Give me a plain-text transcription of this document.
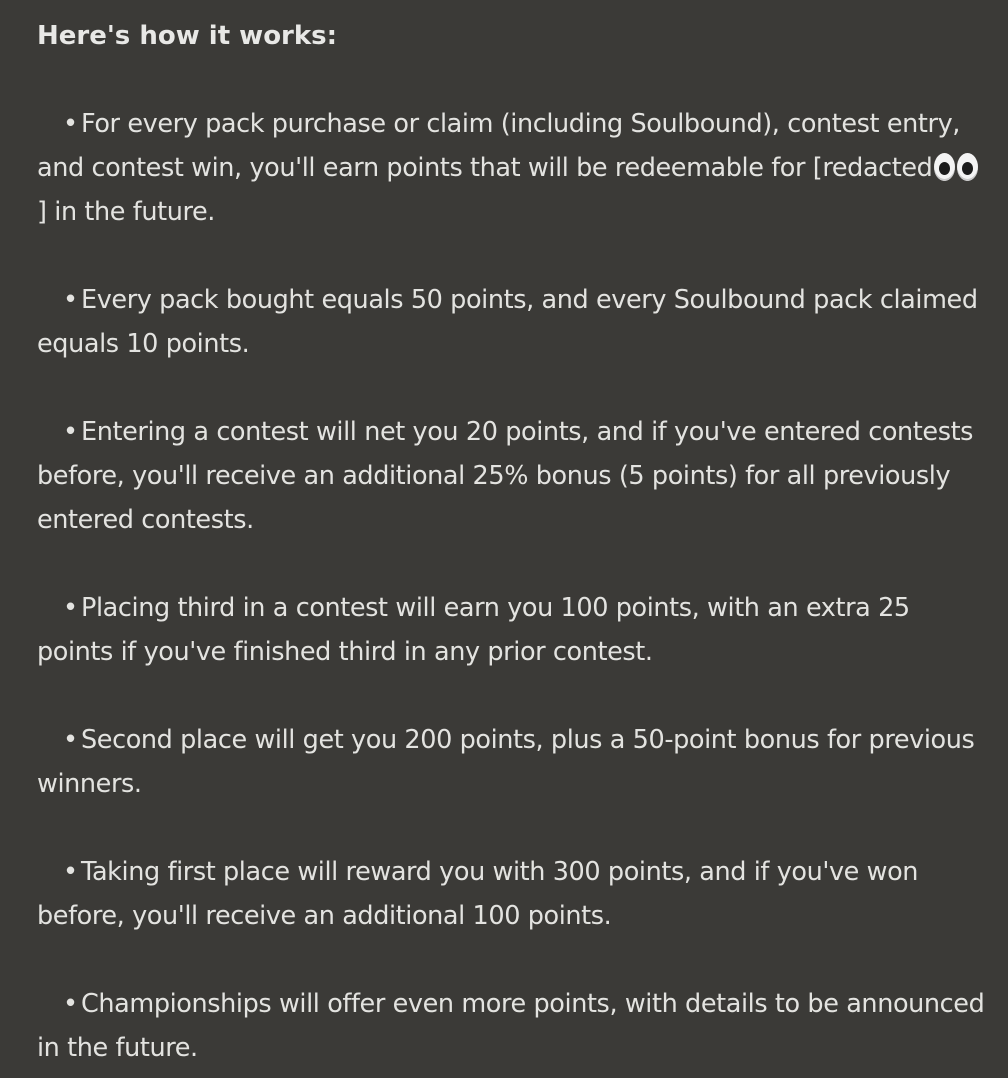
Here's how it works:

• For every pack purchase or claim (including Soulbound), contest entry, and contest win, you'll earn points that will be redeemable for [redacted
] in the future.

• Every pack bought equals 50 points, and every Soulbound pack claimed equals 10 points.

• Entering a contest will net you 20 points, and if you've entered contests before, you'll receive an additional 25% bonus (5 points) for all previously entered contests.

• Placing third in a contest will earn you 100 points, with an extra 25 points if you've finished third in any prior contest.

• Second place will get you 200 points, plus a 50-point bonus for previous winners.

• Taking first place will reward you with 300 points, and if you've won before, you'll receive an additional 100 points.

• Championships will offer even more points, with details to be announced in the future.
